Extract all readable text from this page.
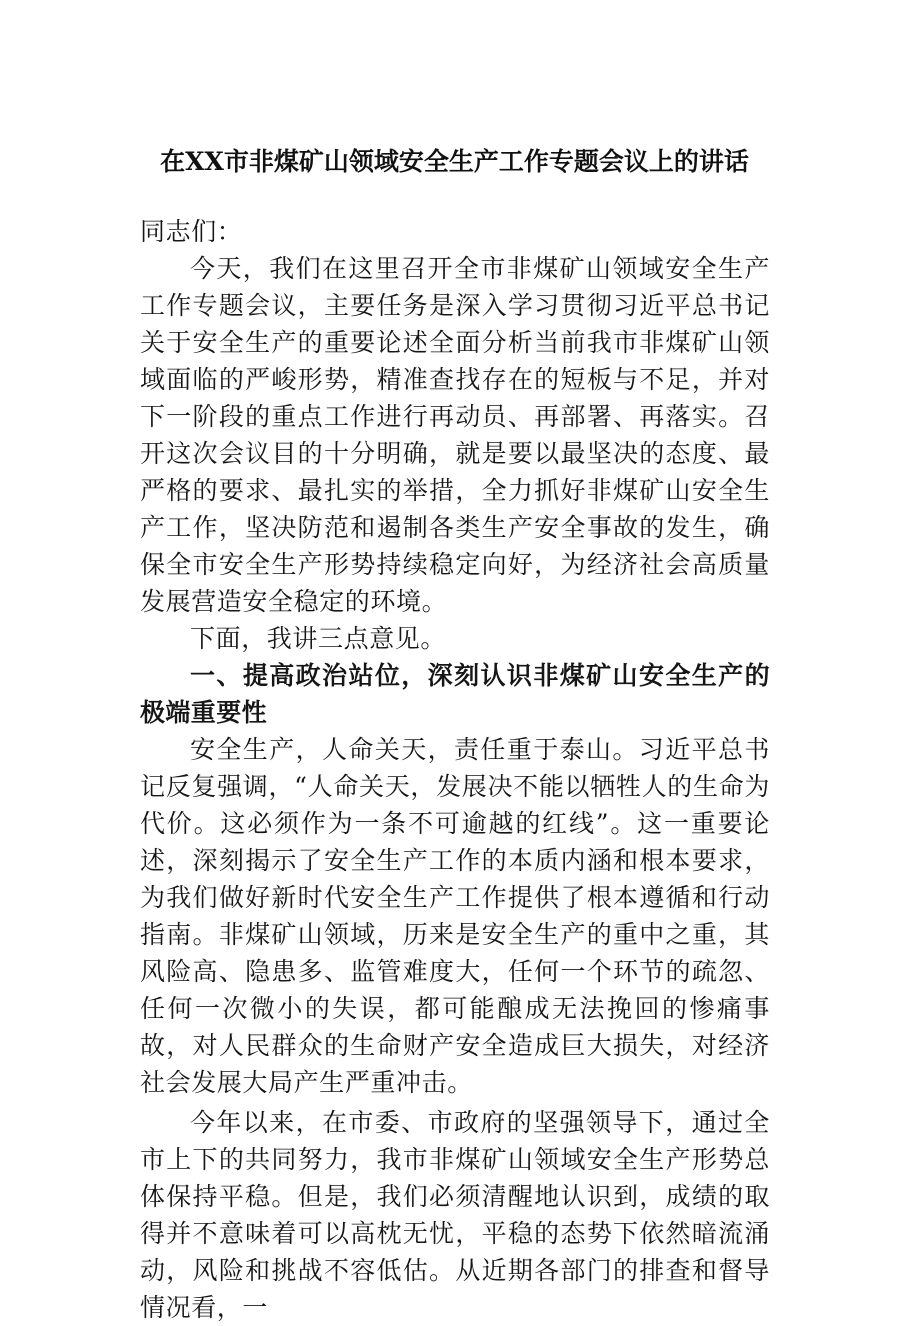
在XX市非煤矿山领域安全生产工作专题会议上的讲话

同志们：

今天，我们在这里召开全市非煤矿山领域安全生产工作专题会议，主要任务是深入学习贯彻习近平总书记关于安全生产的重要论述全面分析当前我市非煤矿山领域面临的严峻形势，精准查找存在的短板与不足，并对下一阶段的重点工作进行再动员、再部署、再落实。召开这次会议目的十分明确，就是要以最坚决的态度、最严格的要求、最扎实的举措，全力抓好非煤矿山安全生产工作，坚决防范和遏制各类生产安全事故的发生，确保全市安全生产形势持续稳定向好，为经济社会高质量发展营造安全稳定的环境。

下面，我讲三点意见。

一、提高政治站位，深刻认识非煤矿山安全生产的极端重要性

安全生产，人命关天，责任重于泰山。习近平总书记反复强调，“人命关天，发展决不能以牺牲人的生命为代价。这必须作为一条不可逾越的红线”。这一重要论述，深刻揭示了安全生产工作的本质内涵和根本要求，为我们做好新时代安全生产工作提供了根本遵循和行动指南。非煤矿山领域，历来是安全生产的重中之重，其风险高、隐患多、监管难度大，任何一个环节的疏忽、任何一次微小的失误，都可能酿成无法挽回的惨痛事故，对人民群众的生命财产安全造成巨大损失，对经济社会发展大局产生严重冲击。

今年以来，在市委、市政府的坚强领导下，通过全市上下的共同努力，我市非煤矿山领域安全生产形势总体保持平稳。但是，我们必须清醒地认识到，成绩的取得并不意味着可以高枕无忧，平稳的态势下依然暗流涌动，风险和挑战不容低估。从近期各部门的排查和督导情况看，一
